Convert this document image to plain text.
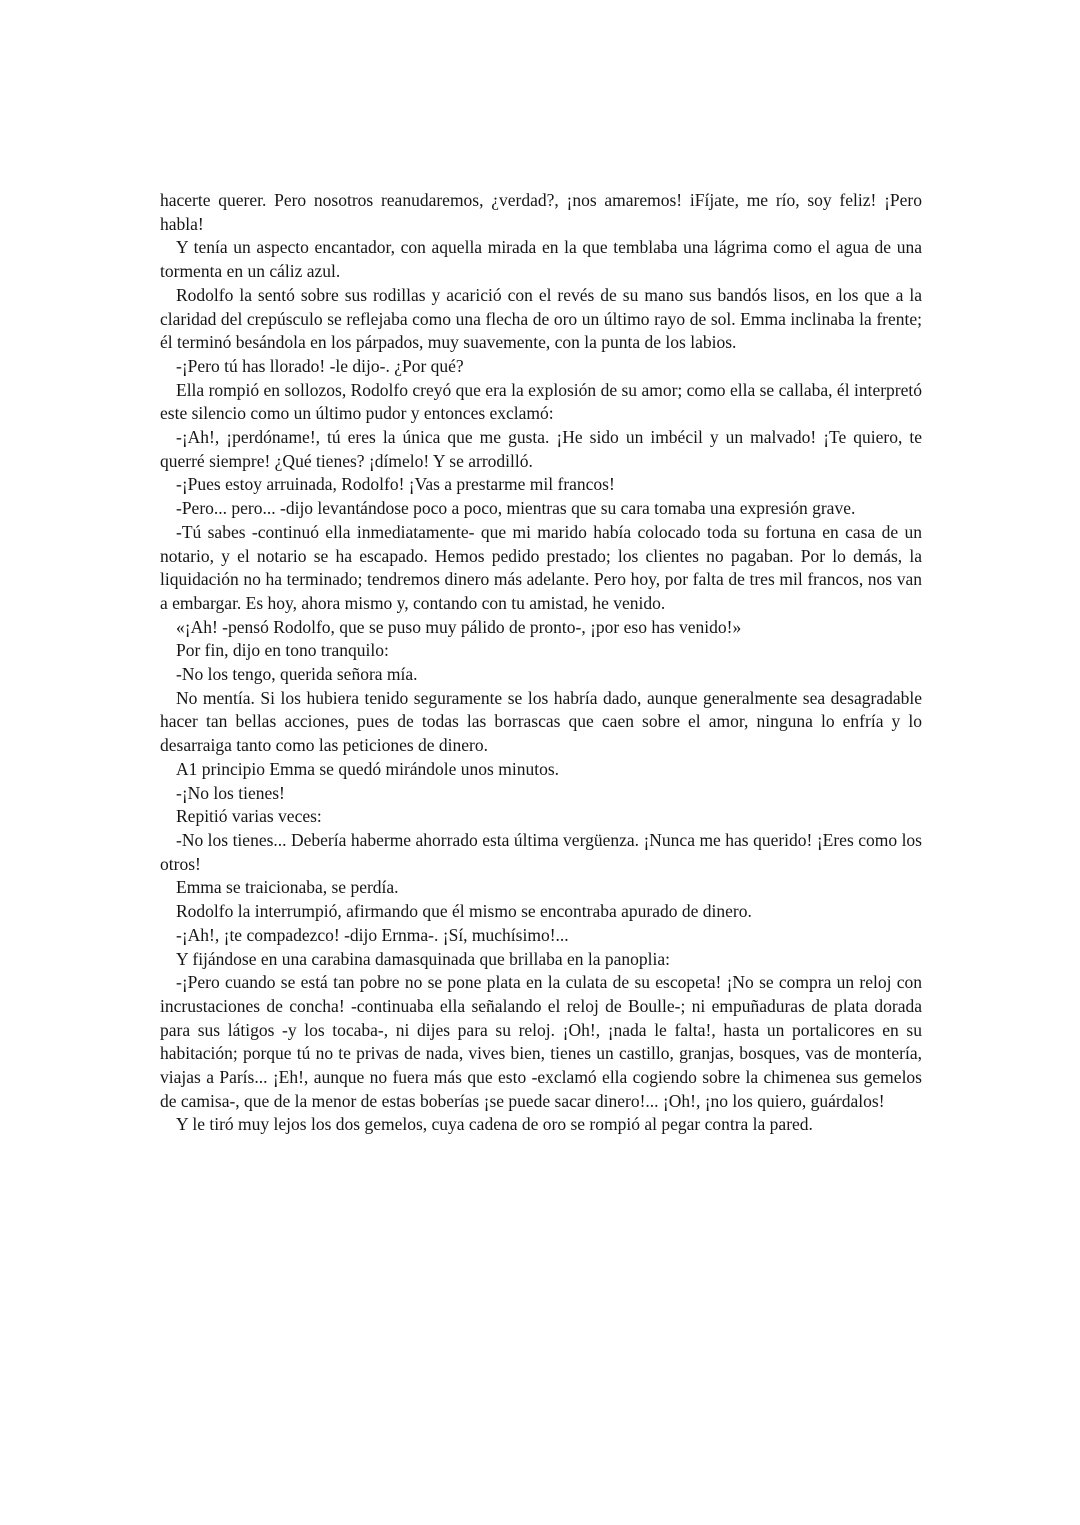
hacerte querer. Pero nosotros reanudaremos, ¿verdad?, ¡nos amaremos! iFíjate, me río, soy feliz! ¡Pero habla!

Y tenía un aspecto encantador, con aquella mirada en la que temblaba una lágrima como el agua de una tormenta en un cáliz azul.

Rodolfo la sentó sobre sus rodillas y acarició con el revés de su mano sus bandós lisos, en los que a la claridad del crepúsculo se reflejaba como una flecha de oro un último rayo de sol. Emma inclinaba la frente; él terminó besándola en los párpados, muy suavemente, con la punta de los labios.

-¡Pero tú has llorado! -le dijo-. ¿Por qué?

Ella rompió en sollozos, Rodolfo creyó que era la explosión de su amor; como ella se callaba, él interpretó este silencio como un último pudor y entonces exclamó:

-¡Ah!, ¡perdóname!, tú eres la única que me gusta. ¡He sido un imbécil y un malvado! ¡Te quiero, te querré siempre! ¿Qué tienes? ¡dímelo! Y se arrodilló.

-¡Pues estoy arruinada, Rodolfo! ¡Vas a prestarme mil francos!

-Pero... pero... -dijo levantándose poco a poco, mientras que su cara tomaba una expresión grave.

-Tú sabes -continuó ella inmediatamente- que mi marido había colocado toda su fortuna en casa de un notario, y el notario se ha escapado. Hemos pedido prestado; los clientes no pagaban. Por lo demás, la liquidación no ha terminado; tendremos dinero más adelante. Pero hoy, por falta de tres mil francos, nos van a embargar. Es hoy, ahora mismo y, contando con tu amistad, he venido.

«¡Ah! -pensó Rodolfo, que se puso muy pálido de pronto-, ¡por eso has venido!»

Por fin, dijo en tono tranquilo:

-No los tengo, querida señora mía.

No mentía. Si los hubiera tenido seguramente se los habría dado, aunque generalmente sea desagradable hacer tan bellas acciones, pues de todas las borrascas que caen sobre el amor, ninguna lo enfría y lo desarraiga tanto como las peticiones de dinero.

A1 principio Emma se quedó mirándole unos minutos.

-¡No los tienes!

Repitió varias veces:

-No los tienes... Debería haberme ahorrado esta última vergüenza. ¡Nunca me has querido! ¡Eres como los otros!

Emma se traicionaba, se perdía.

Rodolfo la interrumpió, afirmando que él mismo se encontraba apurado de dinero.

-¡Ah!, ¡te compadezco! -dijo Ernma-. ¡Sí, muchísimo!...

Y fijándose en una carabina damasquinada que brillaba en la panoplia:

-¡Pero cuando se está tan pobre no se pone plata en la culata de su escopeta! ¡No se compra un reloj con incrustaciones de concha! -continuaba ella señalando el reloj de Boulle-; ni empuñaduras de plata dorada para sus látigos -y los tocaba-, ni dijes para su reloj. ¡Oh!, ¡nada le falta!, hasta un portalicores en su habitación; porque tú no te privas de nada, vives bien, tienes un castillo, granjas, bosques, vas de montería, viajas a París... ¡Eh!, aunque no fuera más que esto -exclamó ella cogiendo sobre la chimenea sus gemelos de camisa-, que de la menor de estas boberías ¡se puede sacar dinero!... ¡Oh!, ¡no los quiero, guárdalos!

Y le tiró muy lejos los dos gemelos, cuya cadena de oro se rompió al pegar contra la pared.
